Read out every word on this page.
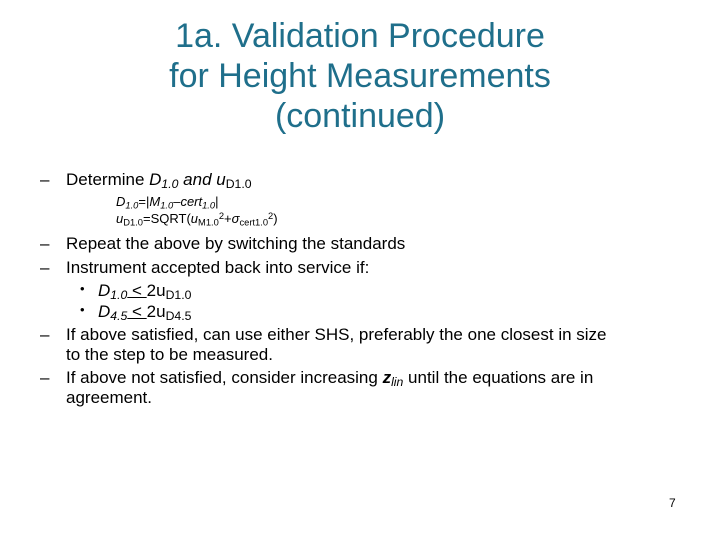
1a. Validation Procedure
for Height Measurements
(continued)
– Determine $D_{1.0}$ and $u_{D1.0}$
$D_{1.0}=|M_{1.0}-cert_{1.0}|$
$u_{D1.0}=SQRT(u_{M1.0}^2+\sigma_{cert1.0}^2)$
– Repeat the above by switching the standards
– Instrument accepted back into service if:
• $D_{1.0} < 2u_{D1.0}$
• $D_{4.5} < 2u_{D4.5}$
– If above satisfied, can use either SHS, preferably the one closest in size
to the step to be measured.
– If above not satisfied, consider increasing $z_{lin}$ until the equations are in
agreement.
7
